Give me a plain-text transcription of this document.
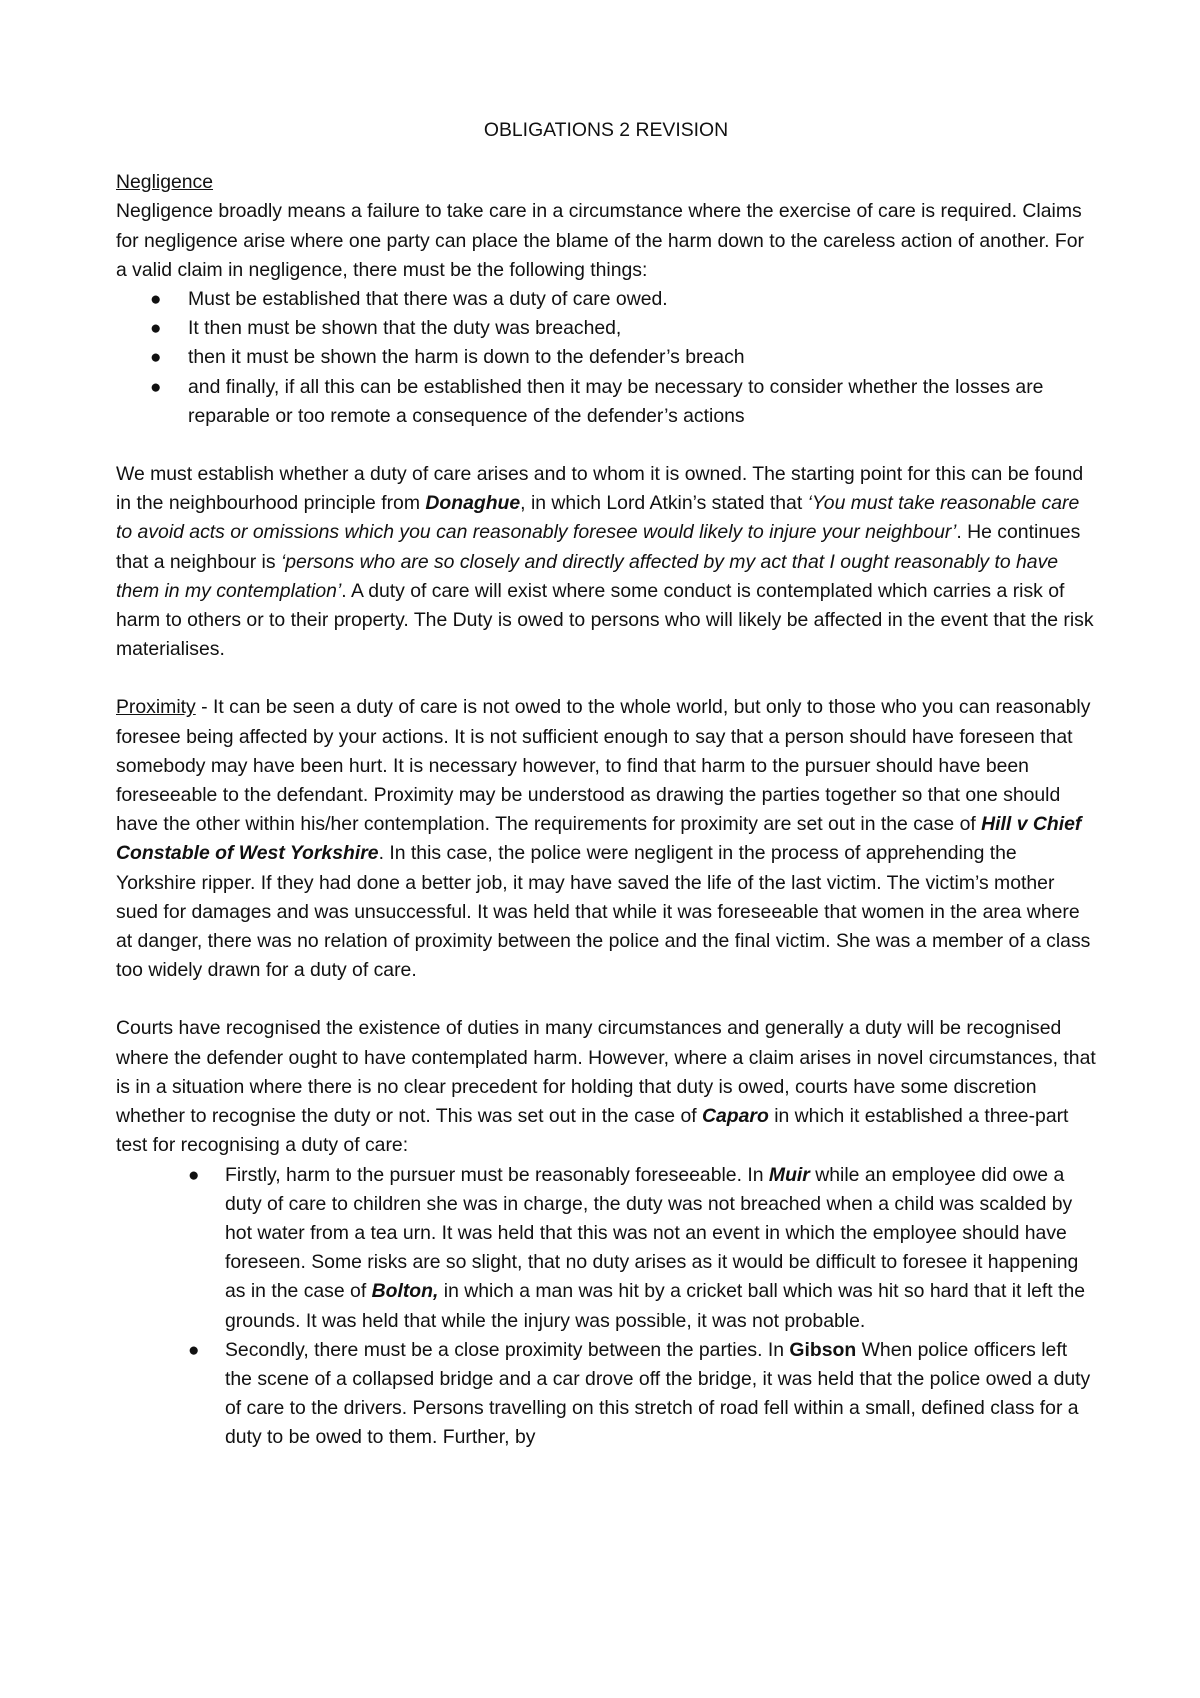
OBLIGATIONS 2 REVISION

Negligence

Negligence broadly means a failure to take care in a circumstance where the exercise of care is required. Claims for negligence arise where one party can place the blame of the harm down to the careless action of another. For a valid claim in negligence, there must be the following things:

● Must be established that there was a duty of care owed.
● It then must be shown that the duty was breached,
● then it must be shown the harm is down to the defender’s breach
● and finally, if all this can be established then it may be necessary to consider whether the losses are reparable or too remote a consequence of the defender’s actions

We must establish whether a duty of care arises and to whom it is owned. The starting point for this can be found in the neighbourhood principle from Donaghue, in which Lord Atkin’s stated that ‘You must take reasonable care to avoid acts or omissions which you can reasonably foresee would likely to injure your neighbour’. He continues that a neighbour is ‘persons who are so closely and directly affected by my act that I ought reasonably to have them in my contemplation’. A duty of care will exist where some conduct is contemplated which carries a risk of harm to others or to their property. The Duty is owed to persons who will likely be affected in the event that the risk materialises.

Proximity - It can be seen a duty of care is not owed to the whole world, but only to those who you can reasonably foresee being affected by your actions. It is not sufficient enough to say that a person should have foreseen that somebody may have been hurt. It is necessary however, to find that harm to the pursuer should have been foreseeable to the defendant. Proximity may be understood as drawing the parties together so that one should have the other within his/her contemplation. The requirements for proximity are set out in the case of Hill v Chief Constable of West Yorkshire. In this case, the police were negligent in the process of apprehending the Yorkshire ripper. If they had done a better job, it may have saved the life of the last victim. The victim’s mother sued for damages and was unsuccessful. It was held that while it was foreseeable that women in the area where at danger, there was no relation of proximity between the police and the final victim. She was a member of a class too widely drawn for a duty of care.

Courts have recognised the existence of duties in many circumstances and generally a duty will be recognised where the defender ought to have contemplated harm. However, where a claim arises in novel circumstances, that is in a situation where there is no clear precedent for holding that duty is owed, courts have some discretion whether to recognise the duty or not. This was set out in the case of Caparo in which it established a three-part test for recognising a duty of care:

● Firstly, harm to the pursuer must be reasonably foreseeable. In Muir while an employee did owe a duty of care to children she was in charge, the duty was not breached when a child was scalded by hot water from a tea urn. It was held that this was not an event in which the employee should have foreseen. Some risks are so slight, that no duty arises as it would be difficult to foresee it happening as in the case of Bolton, in which a man was hit by a cricket ball which was hit so hard that it left the grounds. It was held that while the injury was possible, it was not probable.
● Secondly, there must be a close proximity between the parties. In Gibson When police officers left the scene of a collapsed bridge and a car drove off the bridge, it was held that the police owed a duty of care to the drivers. Persons travelling on this stretch of road fell within a small, defined class for a duty to be owed to them. Further, by
